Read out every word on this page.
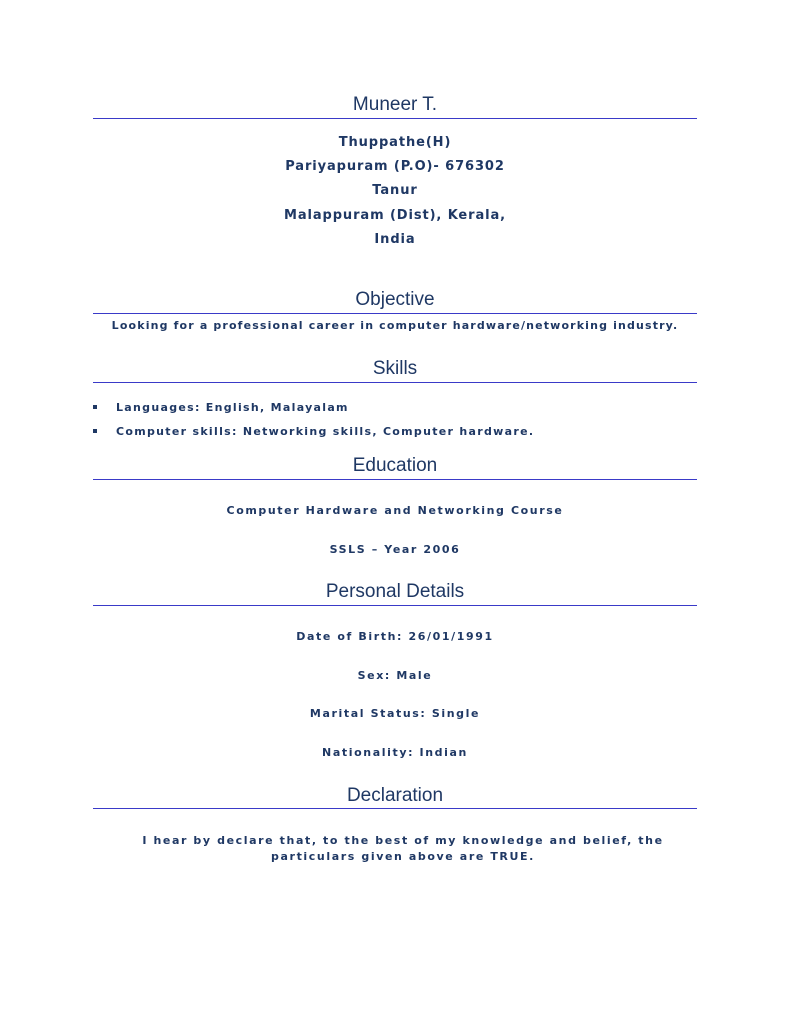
Muneer T.
Thuppathe(H)
Pariyapuram (P.O)- 676302
Tanur
Malappuram (Dist), Kerala,
India
Objective
Looking for a professional career in computer hardware/networking industry.
Skills
Languages: English, Malayalam
Computer skills: Networking skills, Computer hardware.
Education
Computer Hardware and Networking Course
SSLS – Year 2006
Personal Details
Date of Birth: 26/01/1991
Sex: Male
Marital Status: Single
Nationality: Indian
Declaration
I hear by declare that, to the best of my knowledge and belief, the
particulars given above are TRUE.
